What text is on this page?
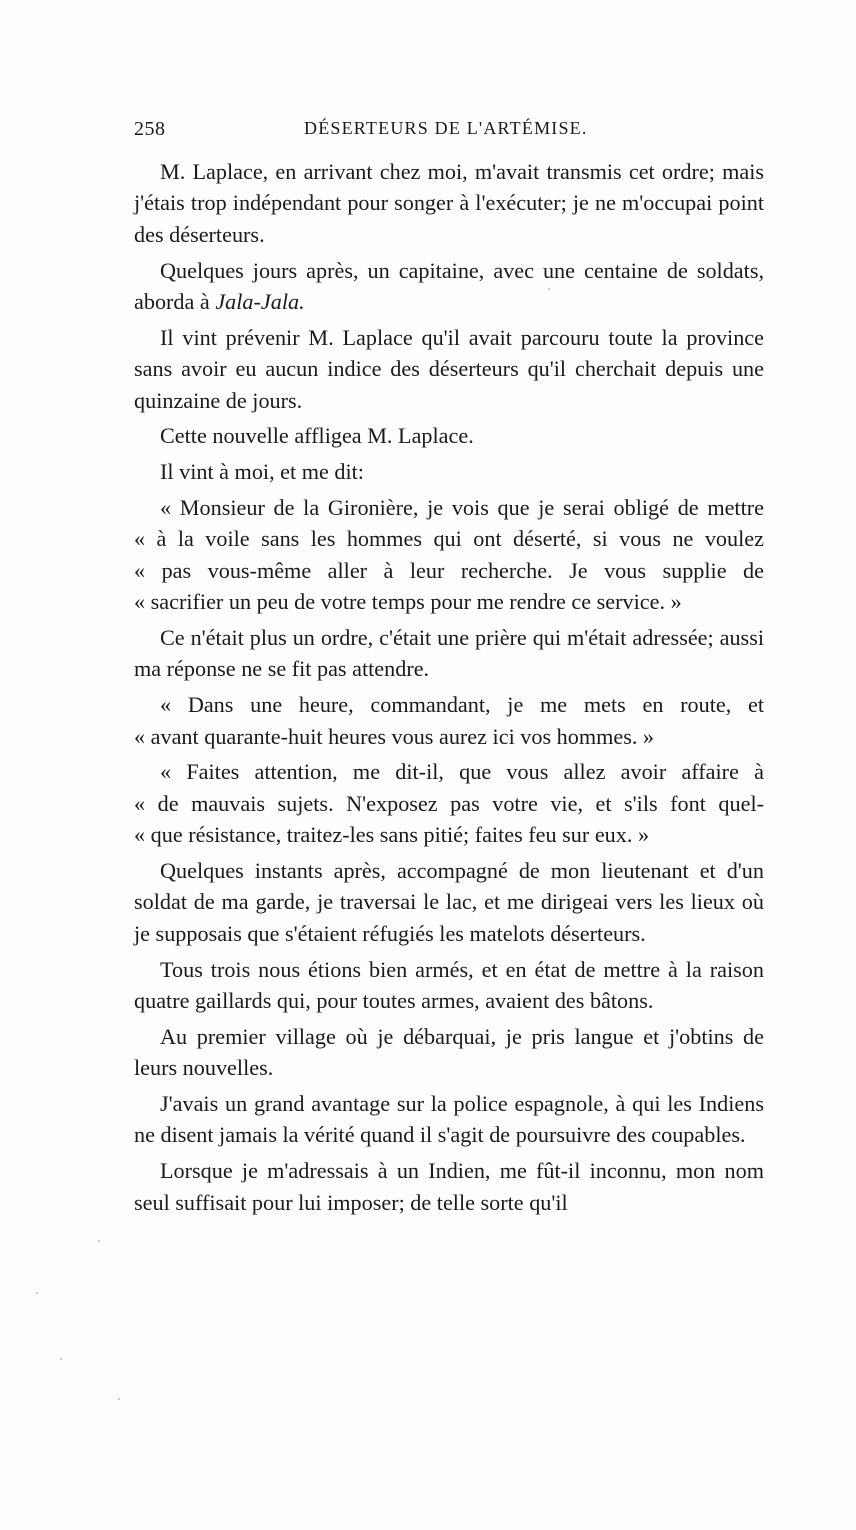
258	DÉSERTEURS DE L'ARTÉMISE.

M. Laplace, en arrivant chez moi, m'avait transmis cet ordre; mais j'étais trop indépendant pour songer à l'exécuter; je ne m'occupai point des déserteurs.

Quelques jours après, un capitaine, avec une centaine de soldats, aborda à Jala-Jala.

Il vint prévenir M. Laplace qu'il avait parcouru toute la province sans avoir eu aucun indice des déserteurs qu'il cherchait depuis une quinzaine de jours.

Cette nouvelle affligea M. Laplace.

Il vint à moi, et me dit:

« Monsieur de la Gironière, je vois que je serai obligé de mettre
« à la voile sans les hommes qui ont déserté, si vous ne voulez
« pas vous-même aller à leur recherche. Je vous supplie de
« sacrifier un peu de votre temps pour me rendre ce service. »

Ce n'était plus un ordre, c'était une prière qui m'était adressée; aussi ma réponse ne se fit pas attendre.

« Dans une heure, commandant, je me mets en route, et
« avant quarante-huit heures vous aurez ici vos hommes. »

« Faites attention, me dit-il, que vous allez avoir affaire à
« de mauvais sujets. N'exposez pas votre vie, et s'ils font quel-
« que résistance, traitez-les sans pitié; faites feu sur eux. »

Quelques instants après, accompagné de mon lieutenant et d'un soldat de ma garde, je traversai le lac, et me dirigeai vers les lieux où je supposais que s'étaient réfugiés les matelots déserteurs.

Tous trois nous étions bien armés, et en état de mettre à la raison quatre gaillards qui, pour toutes armes, avaient des bâtons.

Au premier village où je débarquai, je pris langue et j'obtins de leurs nouvelles.

J'avais un grand avantage sur la police espagnole, à qui les Indiens ne disent jamais la vérité quand il s'agit de poursuivre des coupables.

Lorsque je m'adressais à un Indien, me fût-il inconnu, mon nom seul suffisait pour lui imposer; de telle sorte qu'il
